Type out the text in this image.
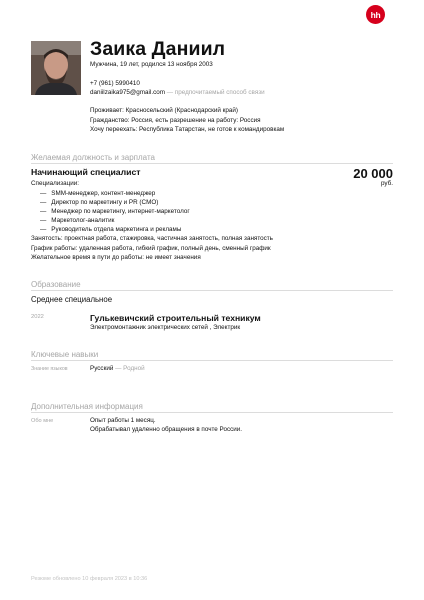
hh
Заика Даниил
Мужчина, 19 лет, родился 13 ноября 2003
+7 (961) 5990410
daniilzaika975@gmail.com — предпочитаемый способ связи
Проживает: Красносельский (Краснодарский край)
Гражданство: Россия, есть разрешение на работу: Россия
Хочу переехать: Республика Татарстан, не готов к командировкам
Желаемая должность и зарплата
Начинающий специалист	20 000
руб.
Специализации:
— SMM-менеджер, контент-менеджер
— Директор по маркетингу и PR (CMO)
— Менеджер по маркетингу, интернет-маркетолог
— Маркетолог-аналитик
— Руководитель отдела маркетинга и рекламы
Занятость: проектная работа, стажировка, частичная занятость, полная занятость
График работы: удаленная работа, гибкий график, полный день, сменный график
Желательное время в пути до работы: не имеет значения
Образование
Среднее специальное
2022	Гулькевичский строительный техникум
Электромонтажник электрических сетей , Электрик
Ключевые навыки
Знание языков	Русский — Родной
Дополнительная информация
Обо мне	Опыт работы 1 месяц.
Обрабатывал удаленно обращения в почте России.
Резюме обновлено 10 февраля 2023 в 10:36
